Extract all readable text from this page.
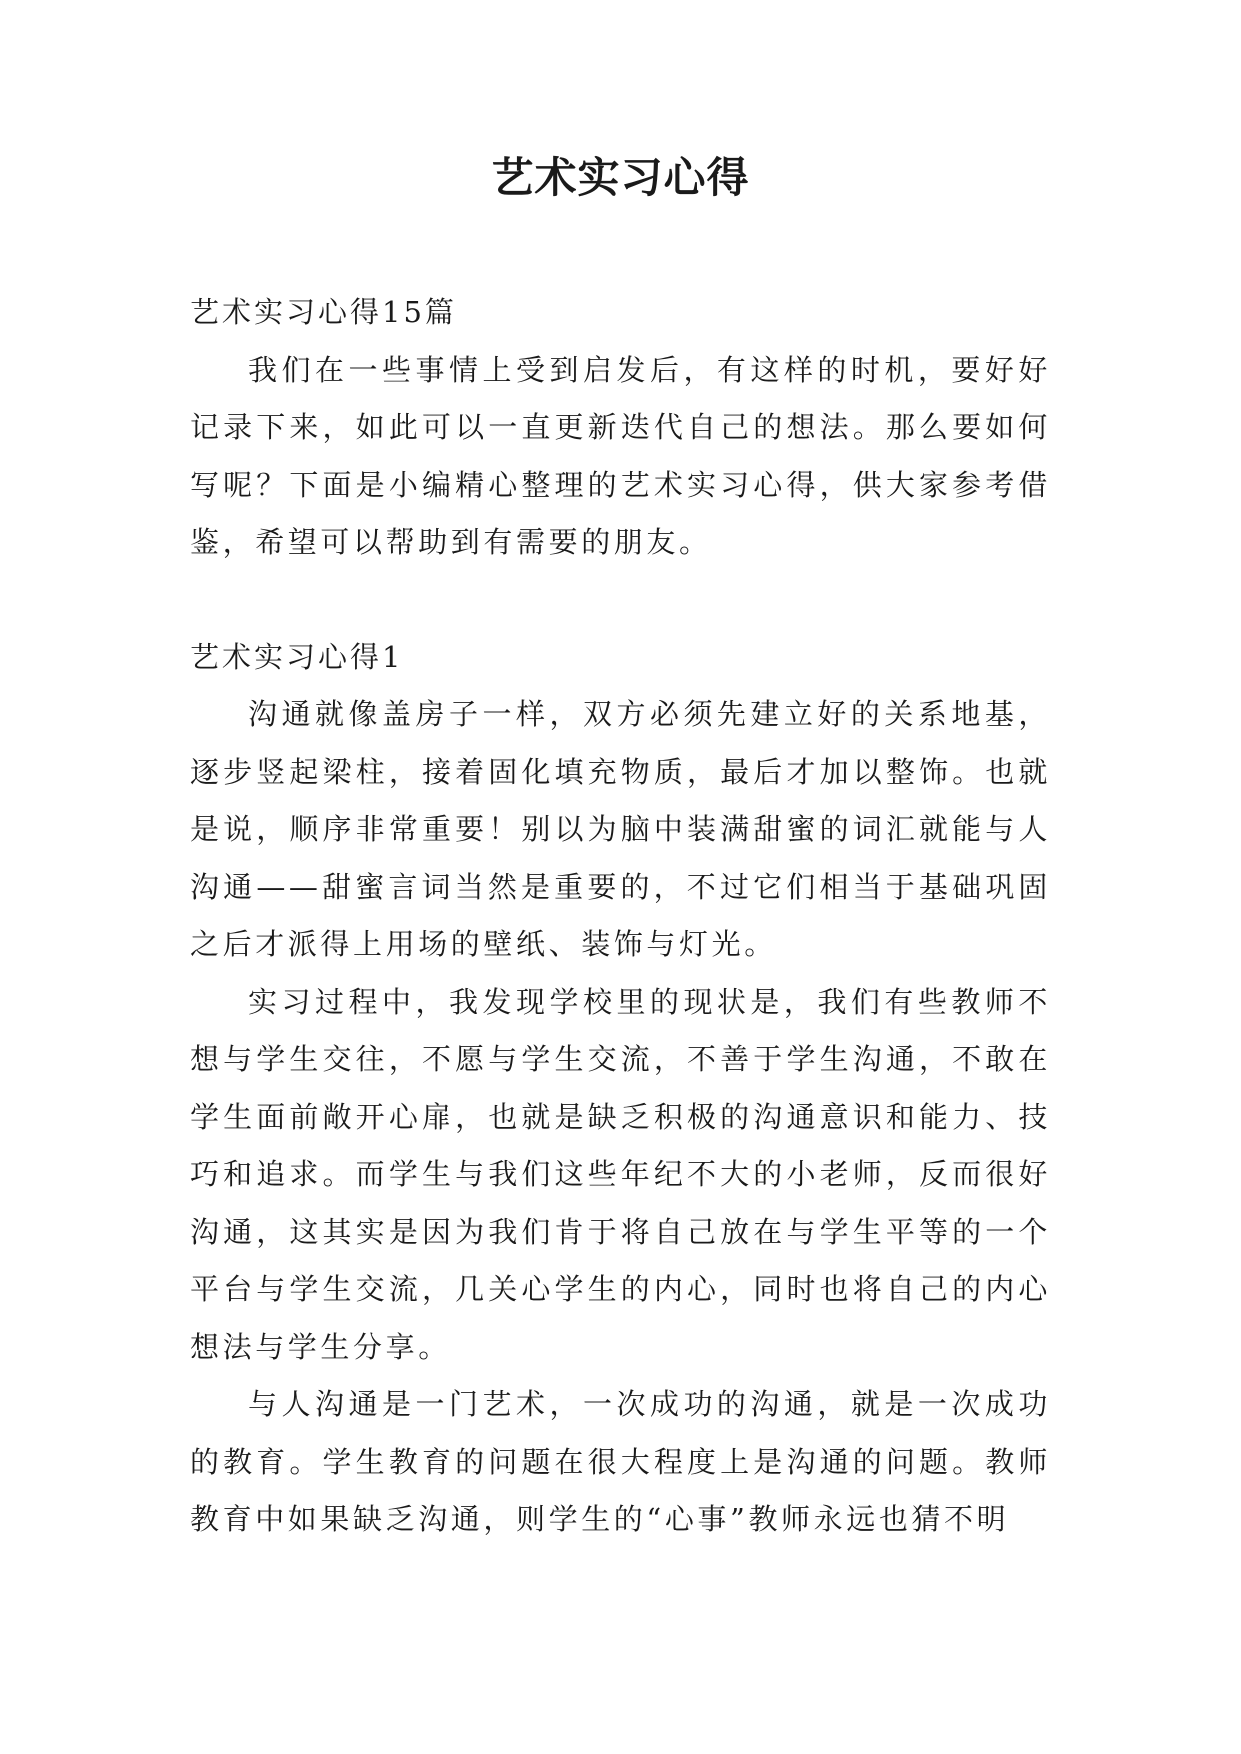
艺术实习心得

艺术实习心得15篇

我们在一些事情上受到启发后，有这样的时机，要好好记录下来，如此可以一直更新迭代自己的想法。那么要如何写呢？下面是小编精心整理的艺术实习心得，供大家参考借鉴，希望可以帮助到有需要的朋友。

艺术实习心得1

沟通就像盖房子一样，双方必须先建立好的关系地基，逐步竖起梁柱，接着固化填充物质，最后才加以整饰。也就是说，顺序非常重要！别以为脑中装满甜蜜的词汇就能与人沟通——甜蜜言词当然是重要的，不过它们相当于基础巩固之后才派得上用场的壁纸、装饰与灯光。

实习过程中，我发现学校里的现状是，我们有些教师不想与学生交往，不愿与学生交流，不善于学生沟通，不敢在学生面前敞开心扉，也就是缺乏积极的沟通意识和能力、技巧和追求。而学生与我们这些年纪不大的小老师，反而很好沟通，这其实是因为我们肯于将自己放在与学生平等的一个平台与学生交流，几关心学生的内心，同时也将自己的内心想法与学生分享。

与人沟通是一门艺术，一次成功的沟通，就是一次成功的教育。学生教育的问题在很大程度上是沟通的问题。教师教育中如果缺乏沟通，则学生的“心事”教师永远也猜不明
